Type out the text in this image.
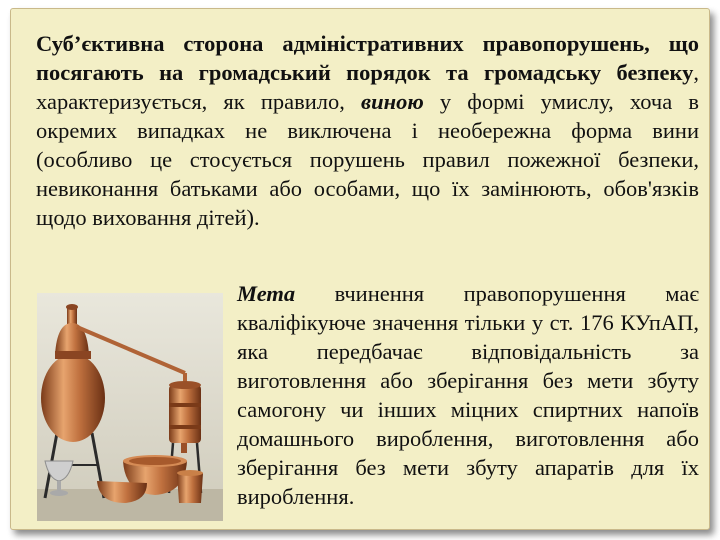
Суб’єктивна сторона адміністративних правопорушень, що посягають на громадський порядок та громадську безпеку, характеризується, як правило, виною у формі умислу, хоча в окремих випадках не виключена і необережна форма вини (особливо це стосується порушень правил пожежної безпеки, невиконання батьками або особами, що їх замінюють, обов'язків щодо виховання дітей).

Мета вчинення правопорушення має кваліфікуюче значення тільки у ст. 176 КУпАП, яка передбачає відповідальність за виготовлення або зберігання без мети збуту самогону чи інших міцних спиртних напоїв домашнього вироблення, виготовлення або зберігання без мети збуту апаратів для їх вироблення.
